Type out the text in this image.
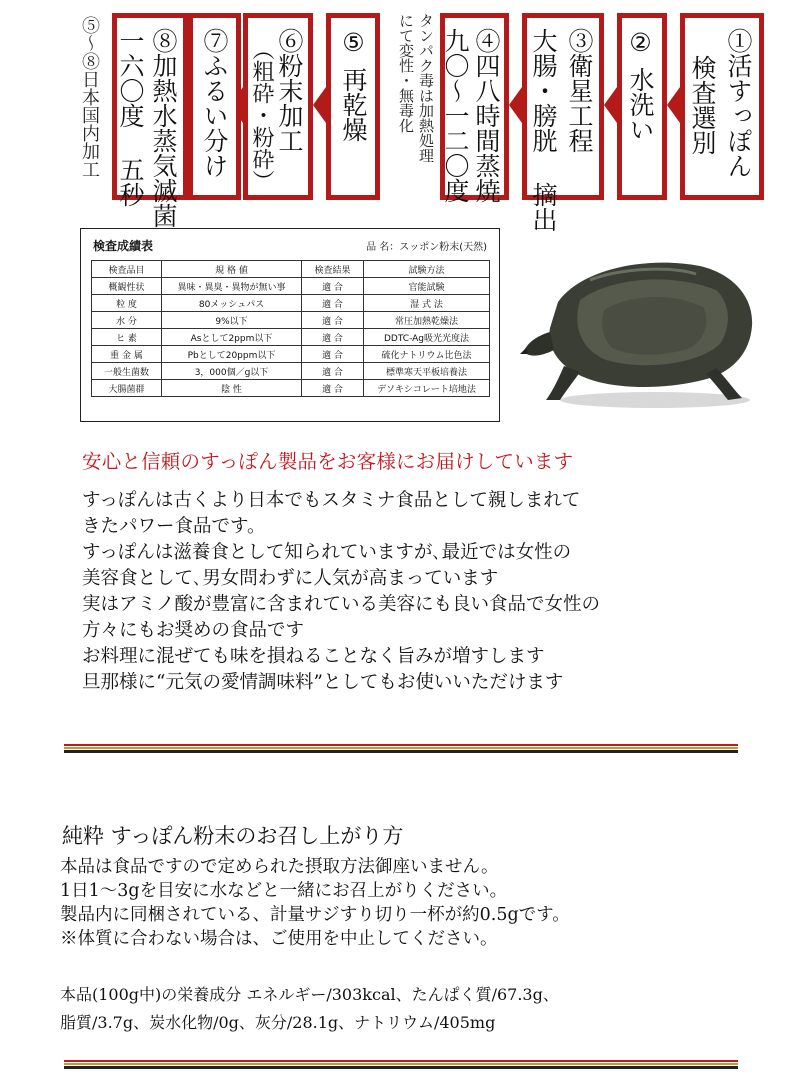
①活すっぽん
検査選別
②水洗い
③衛星工程
大腸・膀胱 摘出
④四八時間蒸焼
九〇～一二〇度
タンパク毒は加熱処理
にて変性・無毒化
⑤再乾燥
⑥粉末加工
（粗砕・粉砕）
⑦ふるい分け
⑧加熱水蒸気滅菌
一六〇度 五秒
⑤～⑧日本国内加工
検査成績表	品 名：スッポン粉末(天然)
検査品目	規 格 値	検査結果	試験方法
概観性状	異味・異臭・異物が無い事	適 合	官能試験
粒 度	80メッシュパス	適 合	湿 式 法
水 分	9%以下	適 合	常圧加熱乾燥法
ヒ 素	Asとして2ppm以下	適 合	DDTC-Ag吸光光度法
重 金 属	Pbとして20ppm以下	適 合	硫化ナトリウム比色法
一般生菌数	3，000個／g以下	適 合	標準寒天平板培養法
大腸菌群	陰 性	適 合	デソキシコレート培地法
安心と信頼のすっぽん製品をお客様にお届けしています
すっぽんは古くより日本でもスタミナ食品として親しまれて
きたパワー食品です。
すっぽんは滋養食として知られていますが､最近では女性の
美容食として､男女問わずに人気が高まっています
実はアミノ酸が豊富に含まれている美容にも良い食品で女性の
方々にもお奨めの食品です
お料理に混ぜても味を損ねることなく旨みが増すします
旦那様に“元気の愛情調味料”としてもお使いいただけます
純粋 すっぽん粉末のお召し上がり方
本品は食品ですので定められた摂取方法御座いません。
1日1～3gを目安に水などと一緒にお召上がりください。
製品内に同梱されている、計量サジすり切り一杯が約0.5gです。
※体質に合わない場合は、ご使用を中止してください。
本品(100g中)の栄養成分 エネルギー/303kcal、たんぱく質/67.3g、
脂質/3.7g、炭水化物/0g、灰分/28.1g、ナトリウム/405mg
